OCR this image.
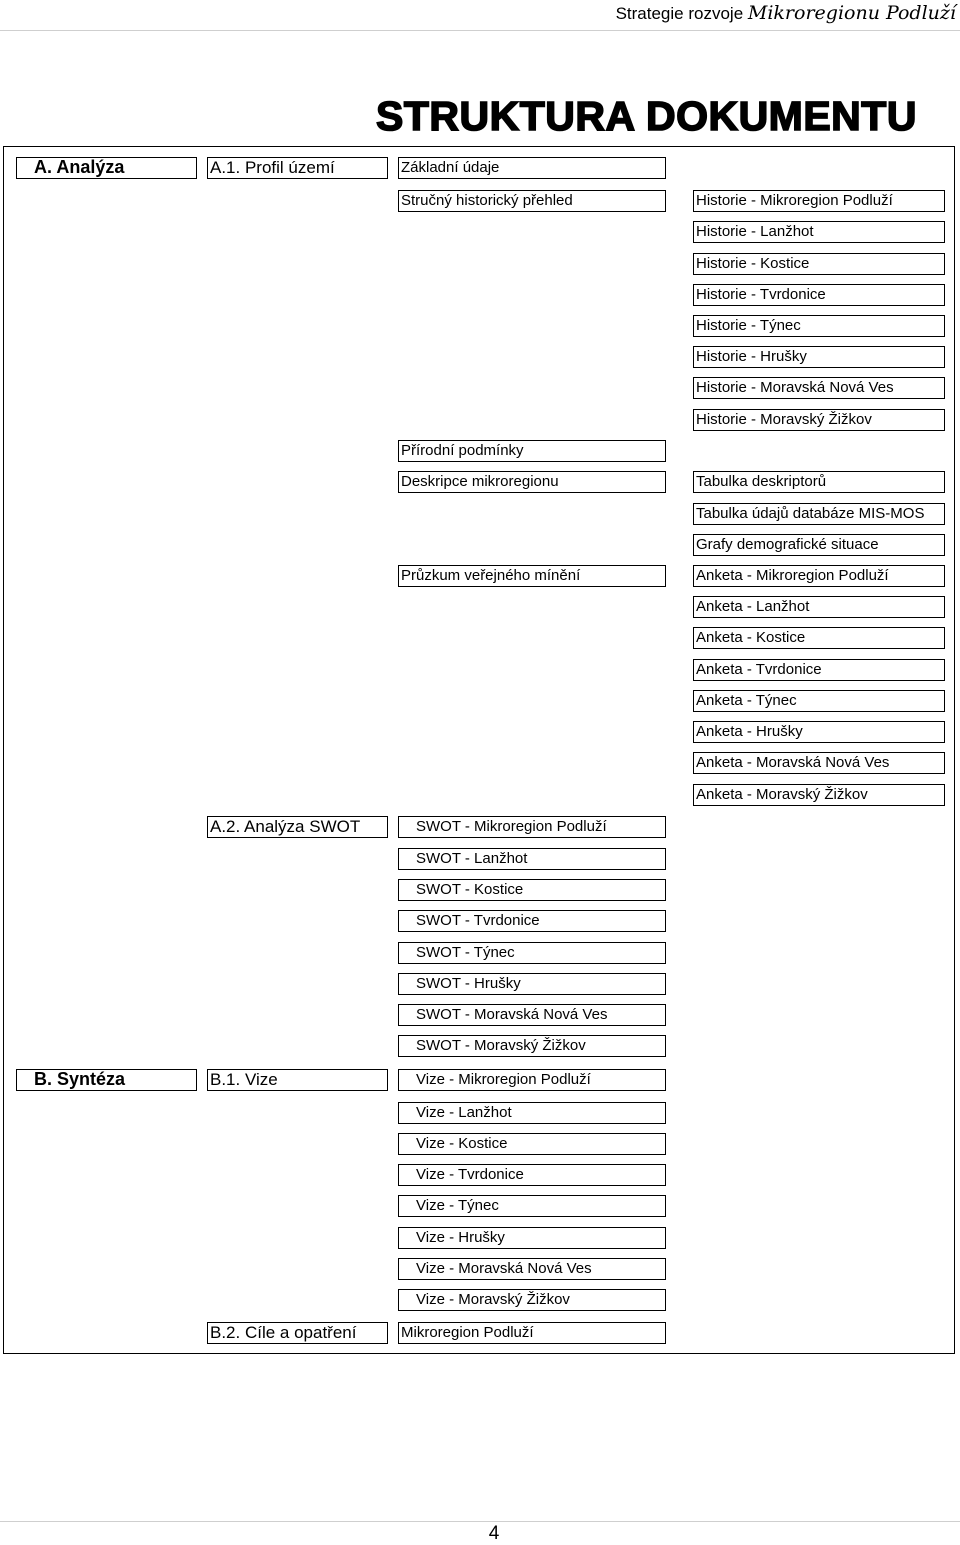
Strategie rozvoje Mikroregionu Podluží
STRUKTURA DOKUMENTU
A. Analýza
B. Syntéza
A.1. Profil území
A.2. Analýza SWOT
B.1. Vize
B.2. Cíle a opatření
Základní údaje
Stručný historický přehled
Přírodní podmínky
Deskripce mikroregionu
Průzkum veřejného mínění
Historie - Mikroregion Podluží
Historie - Lanžhot
Historie - Kostice
Historie - Tvrdonice
Historie - Týnec
Historie - Hrušky
Historie - Moravská Nová Ves
Historie - Moravský Žižkov
Tabulka deskriptorů
Tabulka údajů databáze MIS-MOS
Grafy demografické situace
Anketa - Mikroregion Podluží
Anketa - Lanžhot
Anketa - Kostice
Anketa - Tvrdonice
Anketa - Týnec
Anketa - Hrušky
Anketa - Moravská Nová Ves
Anketa - Moravský Žižkov
SWOT - Mikroregion Podluží
SWOT - Lanžhot
SWOT - Kostice
SWOT - Tvrdonice
SWOT - Týnec
SWOT - Hrušky
SWOT - Moravská Nová Ves
SWOT - Moravský Žižkov
Vize - Mikroregion Podluží
Vize - Lanžhot
Vize - Kostice
Vize - Tvrdonice
Vize - Týnec
Vize - Hrušky
Vize - Moravská Nová Ves
Vize - Moravský Žižkov
Mikroregion Podluží
4
